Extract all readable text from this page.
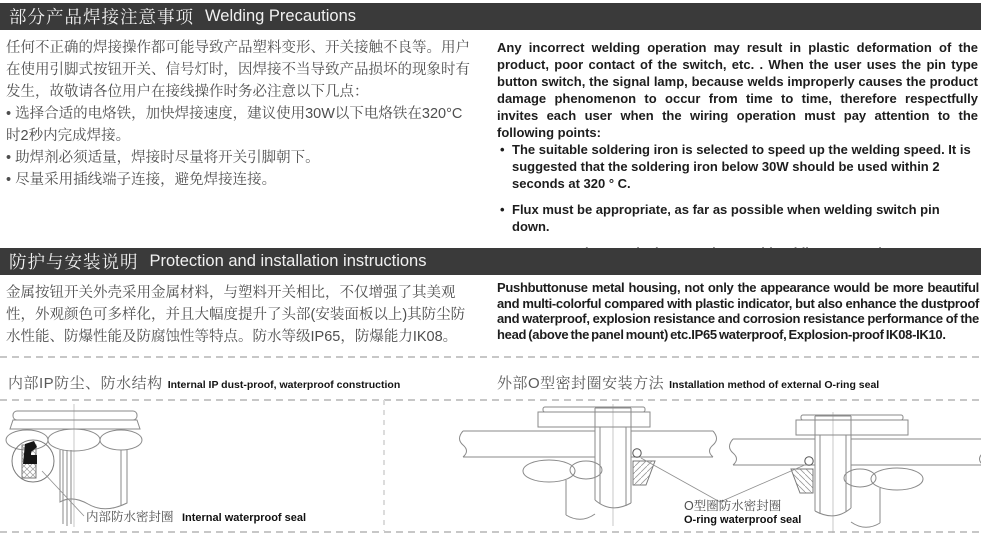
部分产品焊接注意事项 Welding Precautions

任何不正确的焊接操作都可能导致产品塑料变形、开关接触不良等。用户在使用引脚式按钮开关、信号灯时，因焊接不当导致产品损坏的现象时有发生，故敬请各位用户在接线操作时务必注意以下几点：

• 选择合适的电烙铁，加快焊接速度，建议使用30W以下电烙铁在320°C时2秒内完成焊接。
• 助焊剂必须适量，焊接时尽量将开关引脚朝下。
• 尽量采用插线端子连接，避免焊接连接。

Any incorrect welding operation may result in plastic deformation of the product, poor contact of the switch, etc. . When the user uses the pin type button switch, the signal lamp, because welds improperly causes the product damage phenomenon to occur from time to time, therefore respectfully invites each user when the wiring operation must pay attention to the following points:

• The suitable soldering iron is selected to speed up the welding speed. It is suggested that the soldering iron below 30W should be used within 2 seconds at 320 ° C.
• Flux must be appropriate, as far as possible when welding switch pin down.
•
防护与安装说明 Protection and installation instructions

金属按钮开关外壳采用金属材料，与塑料开关相比，不仅增强了其美观性，外观颜色可多样化，并且大幅度提升了头部(安装面板以上)其防尘防水性能、防爆性能及防腐蚀性等特点。防水等级IP65，防爆能力IK08。

Pushbuttonuse metal housing, not only the appearance would be more beautiful and multi-colorful compared with plastic indicator, but also enhance the dustproof and waterproof, explosion resistance and corrosion resistance performance of the head (above the panel mount) etc.IP65 waterproof, Explosion-proof IK08-IK10.

内部IP防尘、防水结构 Internal IP dust-proof, waterproof construction	外部O型密封圈安装方法 Installation method of external O-ring seal
内部防水密封圈 Internal waterproof seal
O型圈防水密封圈
O-ring waterproof seal
